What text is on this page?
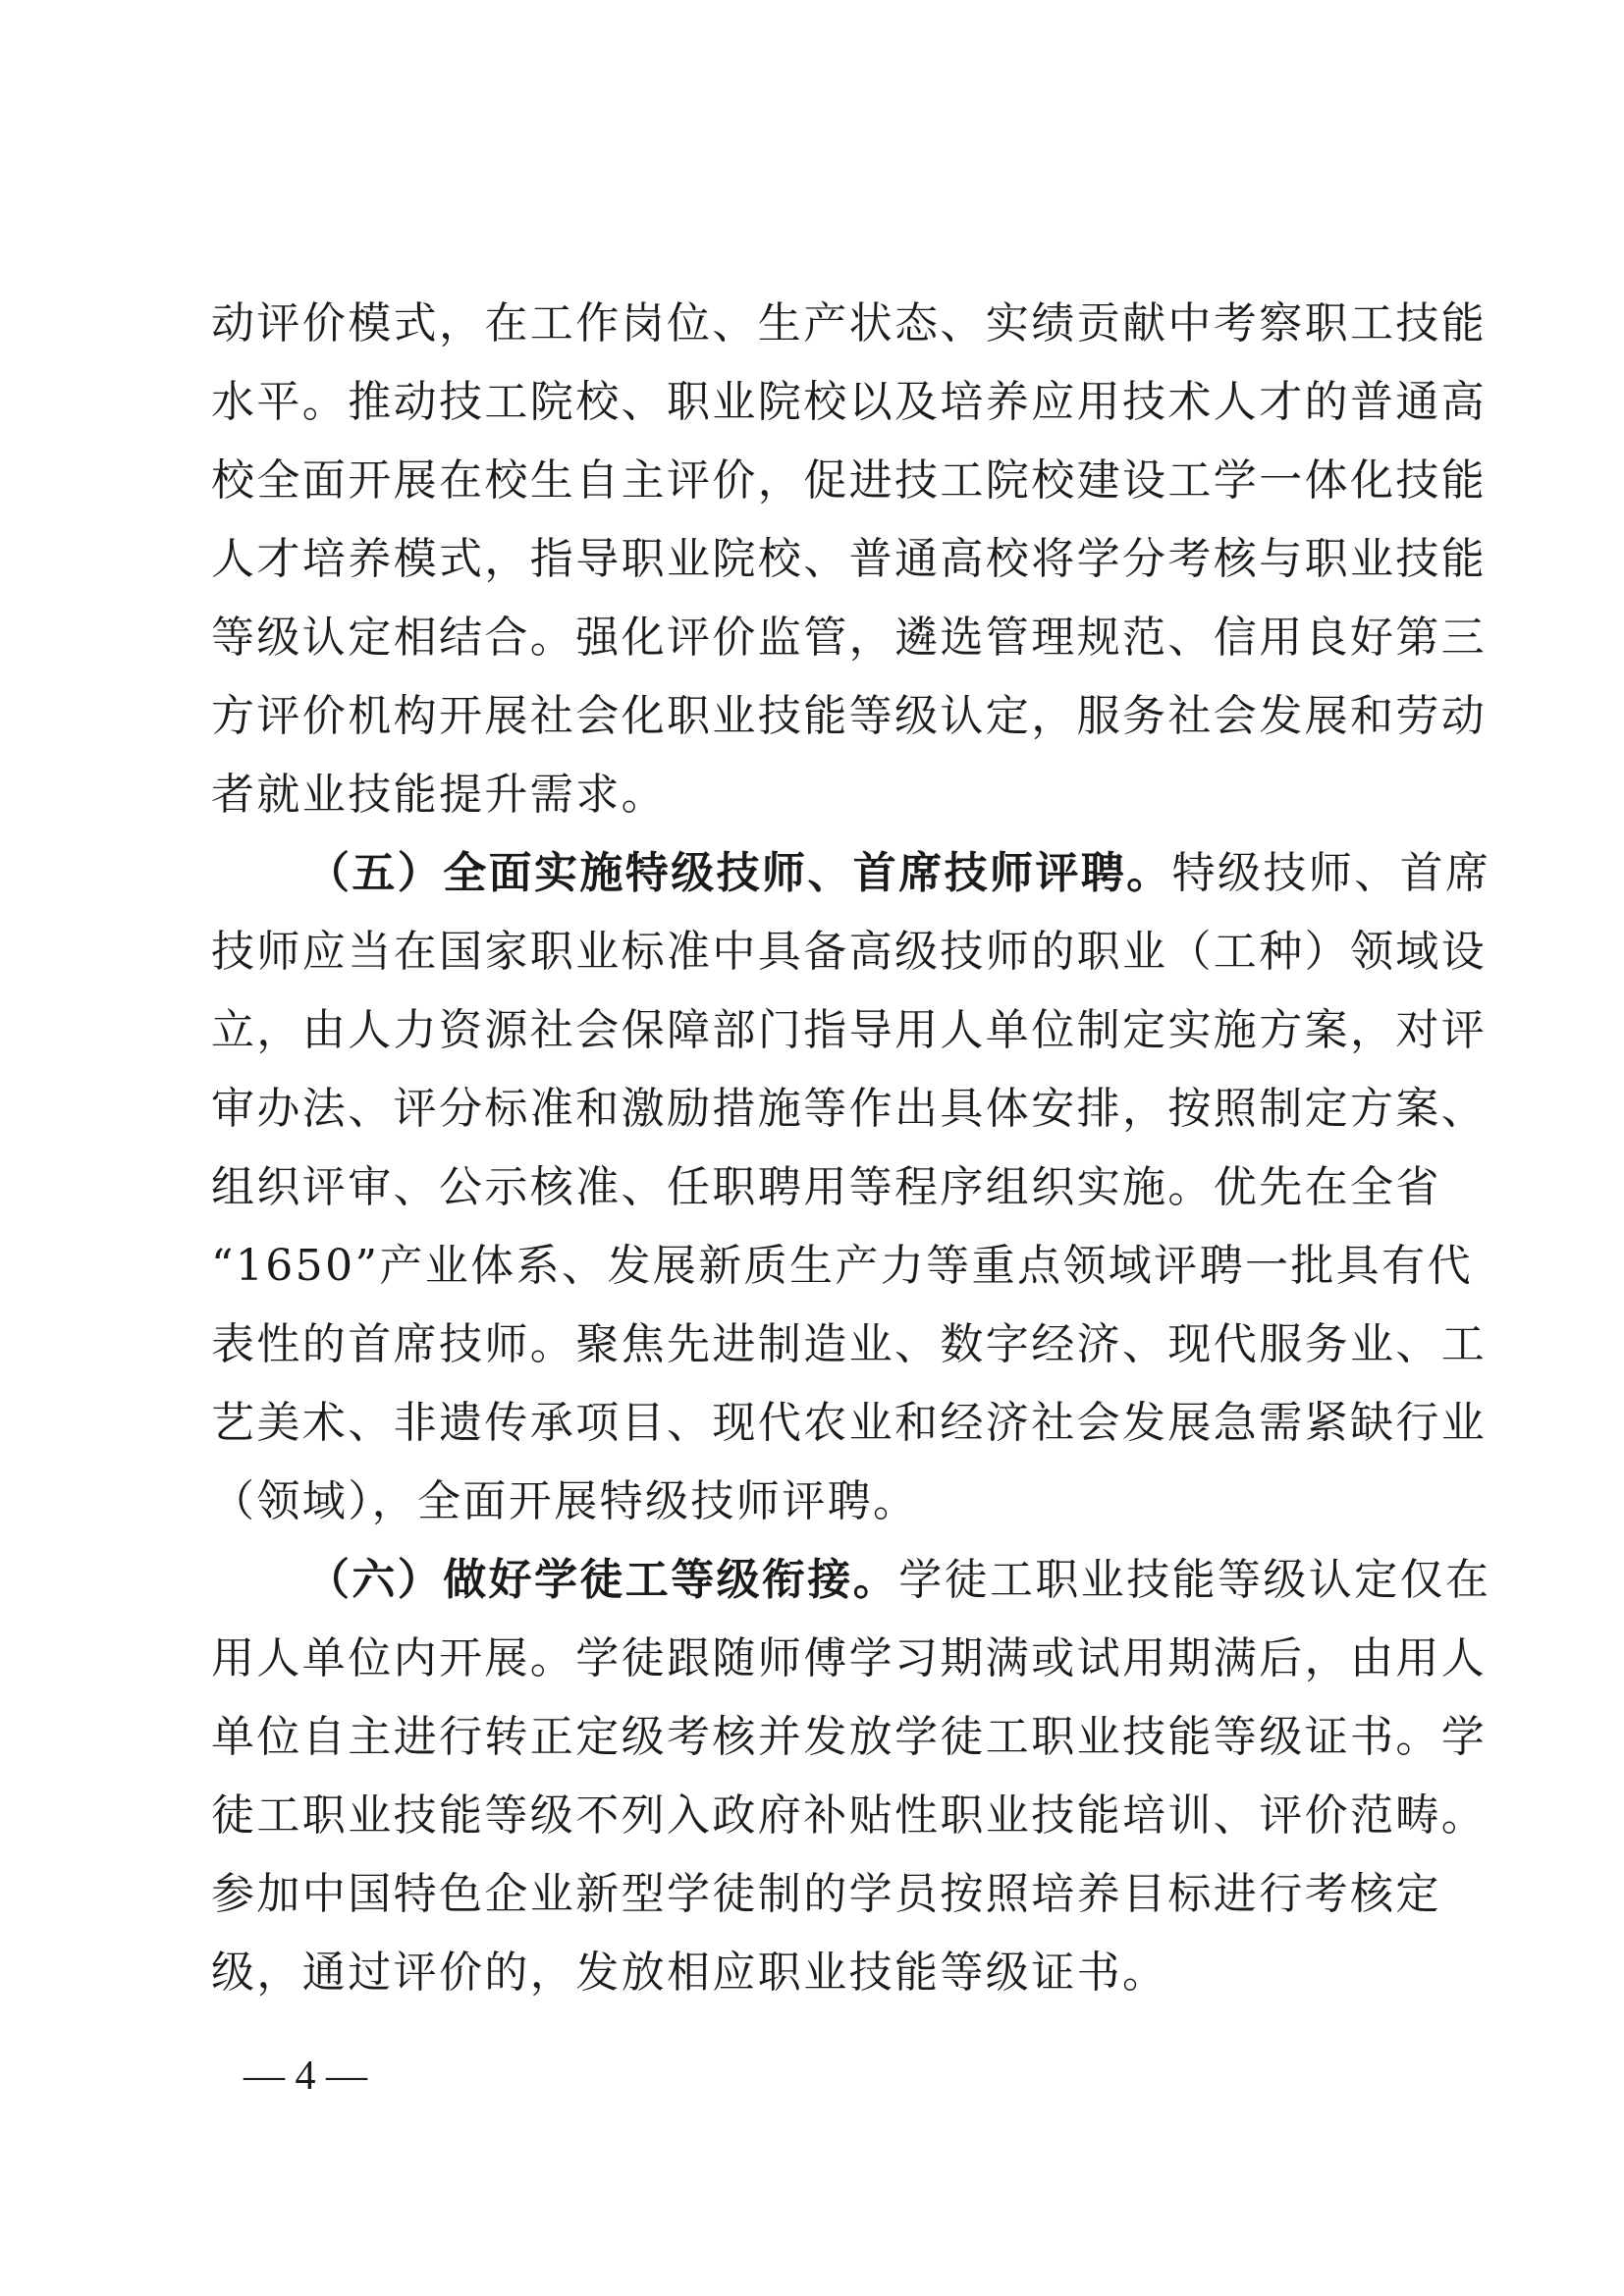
动评价模式，在工作岗位、生产状态、实绩贡献中考察职工技能
水平。推动技工院校、职业院校以及培养应用技术人才的普通高
校全面开展在校生自主评价，促进技工院校建设工学一体化技能
人才培养模式，指导职业院校、普通高校将学分考核与职业技能
等级认定相结合。强化评价监管，遴选管理规范、信用良好第三
方评价机构开展社会化职业技能等级认定，服务社会发展和劳动
者就业技能提升需求。
（五）全面实施特级技师、首席技师评聘。特级技师、首席
技师应当在国家职业标准中具备高级技师的职业（工种）领域设
立，由人力资源社会保障部门指导用人单位制定实施方案，对评
审办法、评分标准和激励措施等作出具体安排，按照制定方案、
组织评审、公示核准、任职聘用等程序组织实施。优先在全省
“1650”产业体系、发展新质生产力等重点领域评聘一批具有代
表性的首席技师。聚焦先进制造业、数字经济、现代服务业、工
艺美术、非遗传承项目、现代农业和经济社会发展急需紧缺行业
（领域），全面开展特级技师评聘。
（六）做好学徒工等级衔接。学徒工职业技能等级认定仅在
用人单位内开展。学徒跟随师傅学习期满或试用期满后，由用人
单位自主进行转正定级考核并发放学徒工职业技能等级证书。学
徒工职业技能等级不列入政府补贴性职业技能培训、评价范畴。
参加中国特色企业新型学徒制的学员按照培养目标进行考核定
级，通过评价的，发放相应职业技能等级证书。
— 4 —
